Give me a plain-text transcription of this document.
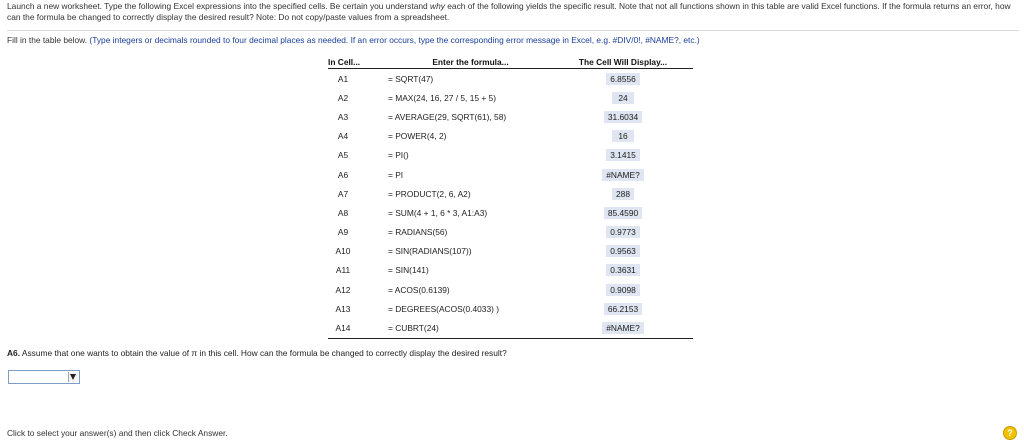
Launch a new worksheet. Type the following Excel expressions into the specified cells. Be certain you understand why each of the following yields the specific result. Note that not all functions shown in this table are valid Excel functions. If the formula returns an error, how can the formula be changed to correctly display the desired result? Note: Do not copy/paste values from a spreadsheet.
Fill in the table below. (Type integers or decimals rounded to four decimal places as needed. If an error occurs, type the corresponding error message in Excel, e.g. #DIV/0!, #NAME?, etc.)
In Cell...	Enter the formula...	The Cell Will Display...
A1	= SQRT(47)	6.8556
A2	= MAX(24, 16, 27 / 5, 15 + 5)	24
A3	= AVERAGE(29, SQRT(61), 58)	31.6034
A4	= POWER(4, 2)	16
A5	= PI()	3.1415
A6	= PI	#NAME?
A7	= PRODUCT(2, 6, A2)	288
A8	= SUM(4 + 1, 6 * 3, A1:A3)	85.4590
A9	= RADIANS(56)	0.9773
A10	= SIN(RADIANS(107))	0.9563
A11	= SIN(141)	0.3631
A12	= ACOS(0.6139)	0.9098
A13	= DEGREES(ACOS(0.4033) )	66.2153
A14	= CUBRT(24)	#NAME?
A6. Assume that one wants to obtain the value of π in this cell. How can the formula be changed to correctly display the desired result?
Click to select your answer(s) and then click Check Answer.	?
